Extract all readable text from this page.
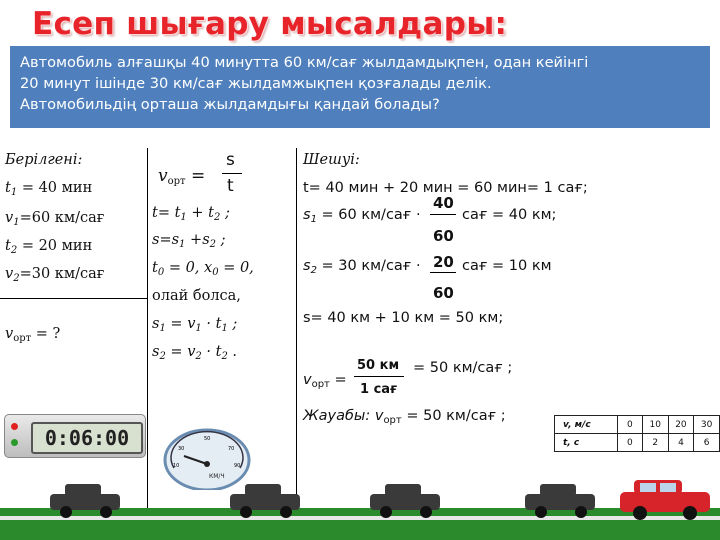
Есеп шығару мысалдары:
Автомобиль алғашқы 40 минутта 60 км/сағ жылдамдықпен, одан кейінгі
20 минут ішінде 30 км/сағ жылдамжықпен қозғалады делік.
Автомобильдің орташа жылдамдығы қандай болады?
Берілгені:
$t_1 = 40$ мин
$v_1=60$ км/сағ
$t_2 = 20$ мин
$v_2=30$ км/сағ
$v_{орт}$ = ?
$v_{орт}$ =
s
t
$t= t_1 + t_2$ ;
$s=s_1 +s_2$ ;
$t_0 = 0$, $x_0 = 0$,
олай болса,
$s_1 = v_1 \cdot t_1$ ;
$s_2 = v_2 \cdot t_2$ .
Шешуі:
t= 40 мин + 20 мин = 60 мин= 1 сағ;
$s_1 = 60$ км/сағ ·
40
60
сағ = 40 км;
$s_2 = 30$ км/сағ · 20
60
сағ = 10 км
s= 40 км + 10 км = 50 км;
$v_{орт}$ =
50 км
1 сағ
= 50 км/сағ ;
Жауабы: $v_{орт} = 50$ км/сағ ;
v, м/с	0	10	20	30
t, с	0	2	4	6
0:06:00
КМ/Ч
10
30
50
70
90
